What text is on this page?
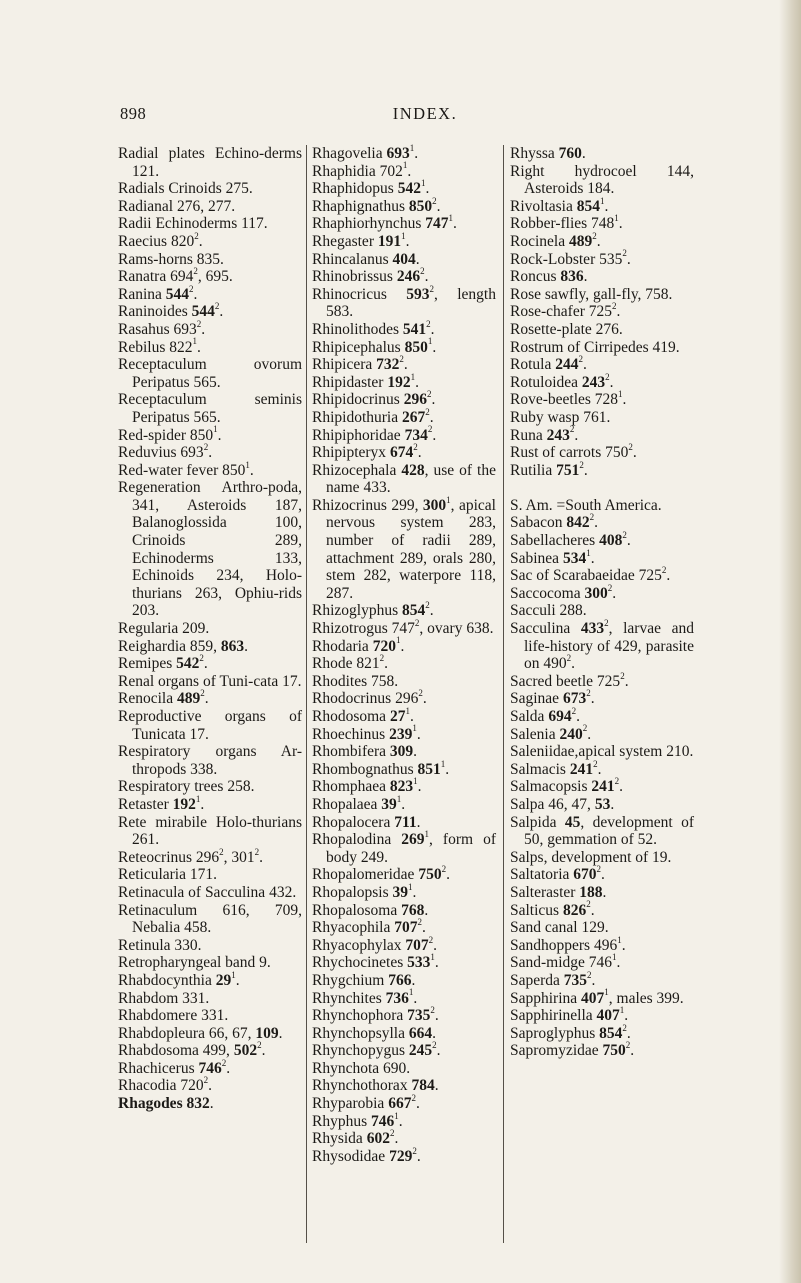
898	INDEX.
Radial plates Echino-derms 121.
Radials Crinoids 275.
Radianal 276, 277.
Radii Echinoderms 117.
Raecius $820^2$.
Rams-horns 835.
Ranatra $694^2$, 695.
Ranina $544^2$.
Raninoides $544^2$.
Rasahus $693^2$.
Rebilus $822^1$.
Receptaculum ovorum Peripatus 565.
Receptaculum seminis Peripatus 565.
Red-spider $850^1$.
Reduvius $693^2$.
Red-water fever $850^1$.
Regeneration Arthro-poda, 341, Asteroids 187, Balanoglossida 100, Crinoids 289, Echinoderms 133, Echinoids 234, Holo-thurians 263, Ophiu-rids 203.
Regularia 209.
Reighardia 859, 863.
Remipes $542^2$.
Renal organs of Tuni-cata 17.
Renocila $489^2$.
Reproductive organs of Tunicata 17.
Respiratory organs Ar-thropods 338.
Respiratory trees 258.
Retaster $192^1$.
Rete mirabile Holo-thurians 261.
Reteocrinus $296^2$, $301^2$.
Reticularia 171.
Retinacula of Sacculina 432.
Retinaculum 616, 709, Nebalia 458.
Retinula 330.
Retropharyngeal band 9.
Rhabdocynthia $29^1$.
Rhabdom 331.
Rhabdomere 331.
Rhabdopleura 66, 67, 109.
Rhabdosoma 499, $502^2$.
Rhachicerus $746^2$.
Rhacodia $720^2$.
Rhagodes 832.
Rhagovelia $693^1$.
Rhaphidia $702^1$.
Rhaphidopus $542^1$.
Rhaphignathus $850^2$.
Rhaphiorhynchus $747^1$.
Rhegaster $191^1$.
Rhincalanus 404.
Rhinobrissus $246^2$.
Rhinocricus $593^2$, length 583.
Rhinolithodes $541^2$.
Rhipicephalus $850^1$.
Rhipicera $732^2$.
Rhipidaster $192^1$.
Rhipidocrinus $296^2$.
Rhipidothuria $267^2$.
Rhipiphoridae $734^2$.
Rhipipteryx $674^2$.
Rhizocephala 428, use of the name 433.
Rhizocrinus 299, $300^1$, apical nervous system 283, number of radii 289, attachment 289, orals 280, stem 282, waterpore 118, 287.
Rhizoglyphus $854^2$.
Rhizotrogus $747^2$, ovary 638.
Rhodaria $720^1$.
Rhode $821^2$.
Rhodites 758.
Rhodocrinus $296^2$.
Rhodosoma $27^1$.
Rhoechinus $239^1$.
Rhombifera 309.
Rhombognathus $851^1$.
Rhomphaea $823^1$.
Rhopalaea $39^1$.
Rhopalocera 711.
Rhopalodina $269^1$, form of body 249.
Rhopalomeridae $750^2$.
Rhopalopsis $39^1$.
Rhopalosoma 768.
Rhyacophila $707^2$.
Rhyacophylax $707^2$.
Rhychocinetes $533^1$.
Rhygchium 766.
Rhynchites $736^1$.
Rhynchophora $735^2$.
Rhynchopsylla 664.
Rhynchopygus $245^2$.
Rhynchota 690.
Rhynchothorax 784.
Rhyparobia $667^2$.
Rhyphus $746^1$.
Rhysida $602^2$.
Rhysodidae $729^2$.
Rhyssa 760.
Right hydrocoel 144, Asteroids 184.
Rivoltasia $854^1$.
Robber-flies $748^1$.
Rocinela $489^2$.
Rock-Lobster $535^2$.
Roncus 836.
Rose sawfly, gall-fly, 758.
Rose-chafer $725^2$.
Rosette-plate 276.
Rostrum of Cirripedes 419.
Rotula $244^2$.
Rotuloidea $243^2$.
Rove-beetles $728^1$.
Ruby wasp 761.
Runa $243^2$.
Rust of carrots $750^2$.
Rutilia $751^2$.
S. Am. =South America.
Sabacon $842^2$.
Sabellacheres $408^2$.
Sabinea $534^1$.
Sac of Scarabaeidae $725^2$.
Saccocoma $300^2$.
Sacculi 288.
Sacculina $433^2$, larvae and life-history of 429, parasite on $490^2$.
Sacred beetle $725^2$.
Saginae $673^2$.
Salda $694^2$.
Salenia $240^2$.
Saleniidae,apical system 210.
Salmacis $241^2$.
Salmacopsis $241^2$.
Salpa 46, 47, 53.
Salpida 45, development of 50, gemmation of 52.
Salps, development of 19.
Saltatoria $670^2$.
Salteraster 188.
Salticus $826^2$.
Sand canal 129.
Sandhoppers $496^1$.
Sand-midge $746^1$.
Saperda $735^2$.
Sapphirina $407^1$, males 399.
Sapphirinella $407^1$.
Saproglyphus $854^2$.
Sapromyzidae $750^2$.
